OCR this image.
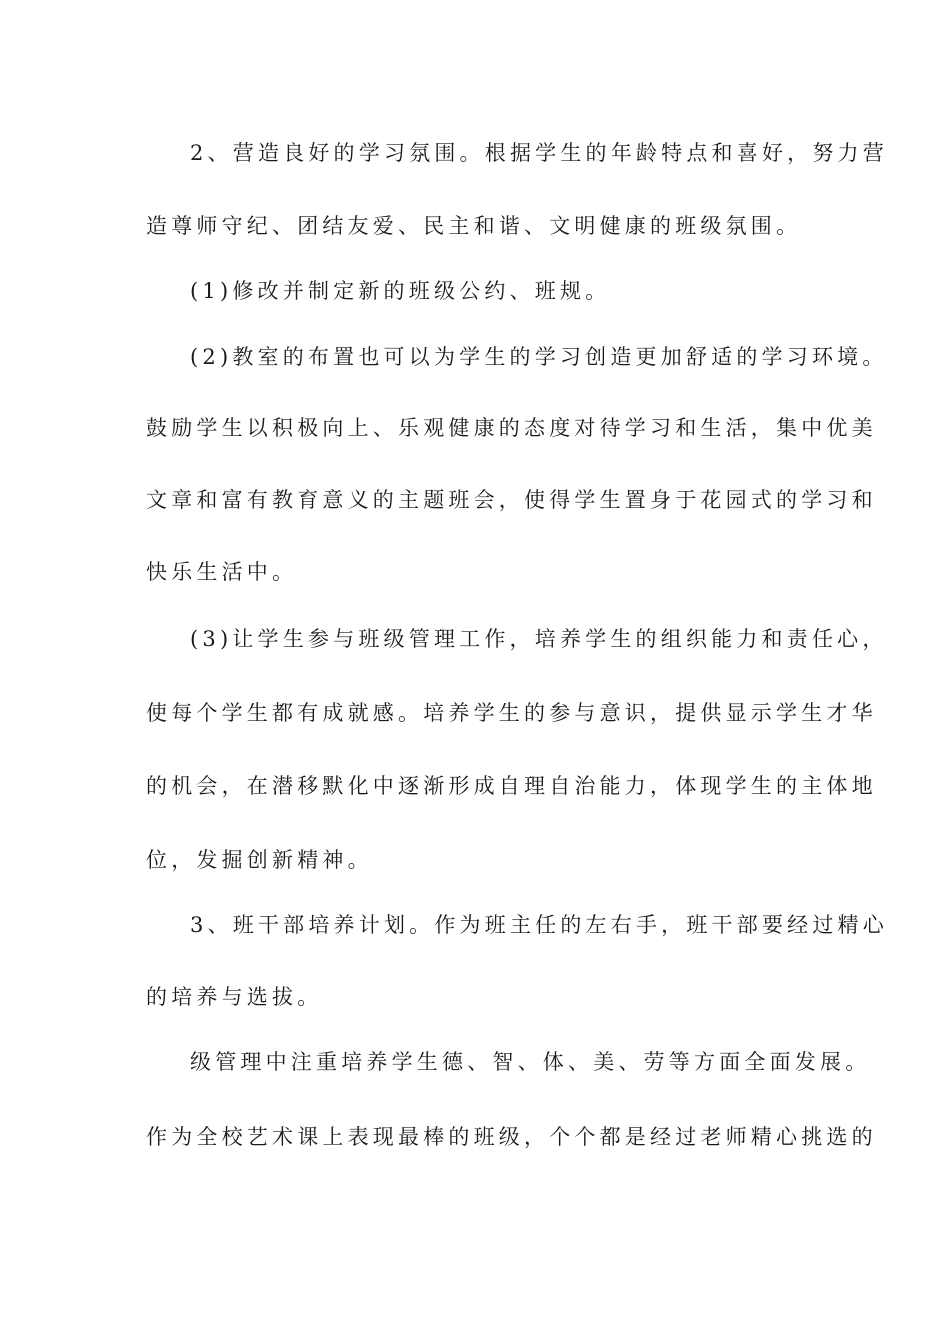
2、营造良好的学习氛围。根据学生的年龄特点和喜好，努力营
造尊师守纪、团结友爱、民主和谐、文明健康的班级氛围。
(1)修改并制定新的班级公约、班规。
(2)教室的布置也可以为学生的学习创造更加舒适的学习环境。
鼓励学生以积极向上、乐观健康的态度对待学习和生活，集中优美
文章和富有教育意义的主题班会，使得学生置身于花园式的学习和
快乐生活中。
(3)让学生参与班级管理工作，培养学生的组织能力和责任心，
使每个学生都有成就感。培养学生的参与意识，提供显示学生才华
的机会，在潜移默化中逐渐形成自理自治能力，体现学生的主体地
位，发掘创新精神。
3、班干部培养计划。作为班主任的左右手，班干部要经过精心
的培养与选拔。
级管理中注重培养学生德、智、体、美、劳等方面全面发展。
作为全校艺术课上表现最棒的班级，个个都是经过老师精心挑选的
